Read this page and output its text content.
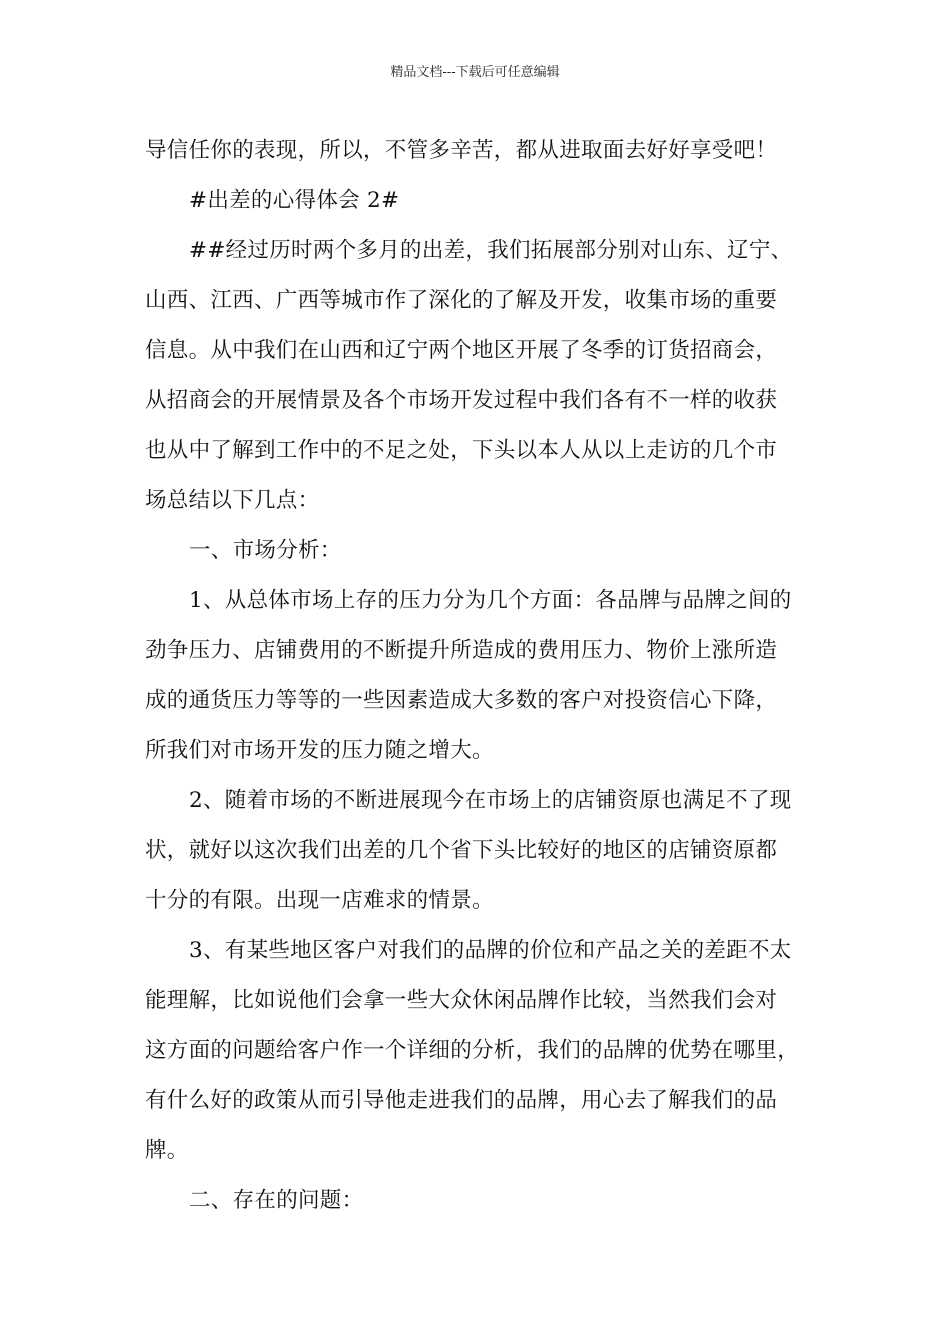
精品文档---下载后可任意编辑
导信任你的表现，所以，不管多辛苦，都从进取面去好好享受吧！
#出差的心得体会 2#
##经过历时两个多月的出差，我们拓展部分别对山东、辽宁、
山西、江西、广西等城市作了深化的了解及开发，收集市场的重要
信息。从中我们在山西和辽宁两个地区开展了冬季的订货招商会，
从招商会的开展情景及各个市场开发过程中我们各有不一样的收获
也从中了解到工作中的不足之处，下头以本人从以上走访的几个市
场总结以下几点：
一、市场分析：
1、从总体市场上存的压力分为几个方面：各品牌与品牌之间的
劲争压力、店铺费用的不断提升所造成的费用压力、物价上涨所造
成的通货压力等等的一些因素造成大多数的客户对投资信心下降，
所我们对市场开发的压力随之增大。
2、随着市场的不断进展现今在市场上的店铺资原也满足不了现
状，就好以这次我们出差的几个省下头比较好的地区的店铺资原都
十分的有限。出现一店难求的情景。
3、有某些地区客户对我们的品牌的价位和产品之关的差距不太
能理解，比如说他们会拿一些大众休闲品牌作比较，当然我们会对
这方面的问题给客户作一个详细的分析，我们的品牌的优势在哪里，
有什么好的政策从而引导他走进我们的品牌，用心去了解我们的品
牌。
二、存在的问题：
